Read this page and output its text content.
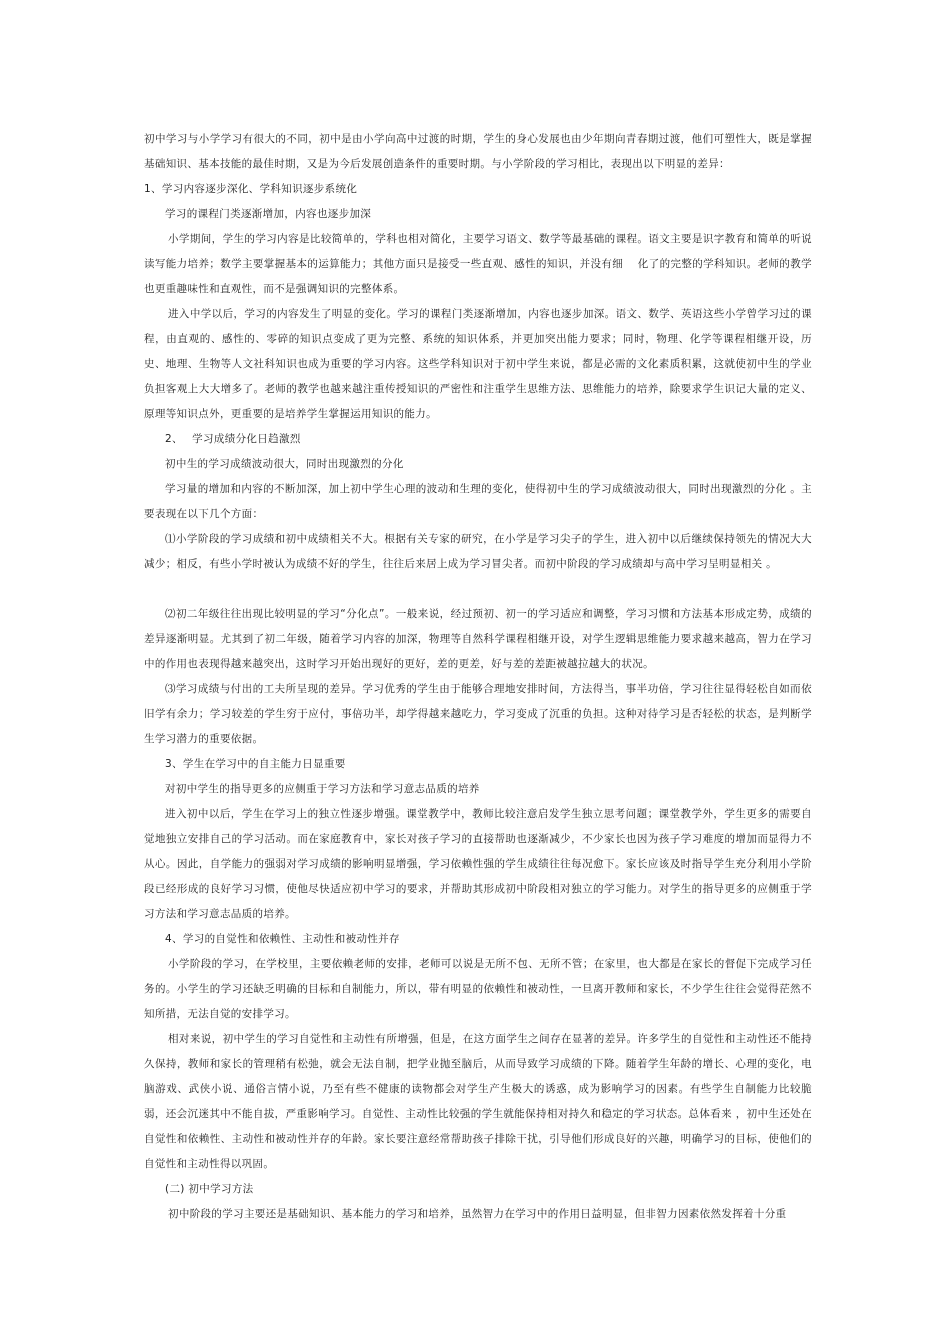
初中学习与小学学习有很大的不同，初中是由小学向高中过渡的时期，学生的身心发展也由少年期向青春期过渡，他们可塑性大，既是掌握基础知识、基本技能的最佳时期，又是为今后发展创造条件的重要时期。与小学阶段的学习相比，表现出以下明显的差异：

1、学习内容逐步深化、学科知识逐步系统化

学习的课程门类逐渐增加，内容也逐步加深

小学期间，学生的学习内容是比较简单的，学科也相对简化，主要学习语文、数学等最基础的课程。语文主要是识字教育和简单的听说读写能力培养；数学主要掌握基本的运算能力；其他方面只是接受一些直观、感性的知识，并没有细　 化了的完整的学科知识。老师的教学也更重趣味性和直观性，而不是强调知识的完整体系。

进入中学以后，学习的内容发生了明显的变化。学习的课程门类逐渐增加，内容也逐步加深。语文、数学、英语这些小学曾学习过的课程，由直观的、感性的、零碎的知识点变成了更为完整、系统的知识体系，并更加突出能力要求；同时，物理、化学等课程相继开设，历史、地理、生物等人文社科知识也成为重要的学习内容。这些学科知识对于初中学生来说，都是必需的文化素质积累，这就使初中生的学业负担客观上大大增多了。老师的教学也越来越注重传授知识的严密性和注重学生思维方法、思维能力的培养，除要求学生识记大量的定义、原理等知识点外，更重要的是培养学生掌握运用知识的能力。

2、　 学习成绩分化日趋激烈

初中生的学习成绩波动很大，同时出现激烈的分化

学习量的增加和内容的不断加深，加上初中学生心理的波动和生理的变化，使得初中生的学习成绩波动很大，同时出现激烈的分化 。主要表现在以下几个方面：

⑴小学阶段的学习成绩和初中成绩相关不大。根据有关专家的研究，在小学是学习尖子的学生，进入初中以后继续保持领先的情况大大减少；相反，有些小学时被认为成绩不好的学生，往往后来居上成为学习冒尖者。而初中阶段的学习成绩却与高中学习呈明显相关 。

⑵初二年级往往出现比较明显的学习“分化点”。一般来说，经过预初、初一的学习适应和调整，学习习惯和方法基本形成定势，成绩的差异逐渐明显。尤其到了初二年级，随着学习内容的加深，物理等自然科学课程相继开设，对学生逻辑思维能力要求越来越高，智力在学习中的作用也表现得越来越突出，这时学习开始出现好的更好，差的更差，好与差的差距被越拉越大的状况。

⑶学习成绩与付出的工夫所呈现的差异。学习优秀的学生由于能够合理地安排时间，方法得当，事半功倍，学习往往显得轻松自如而依旧学有余力；学习较差的学生穷于应付，事倍功半，却学得越来越吃力，学习变成了沉重的负担。这种对待学习是否轻松的状态，是判断学生学习潜力的重要依据。

3、学生在学习中的自主能力日显重要

对初中学生的指导更多的应侧重于学习方法和学习意志品质的培养

进入初中以后，学生在学习上的独立性逐步增强。课堂教学中，教师比较注意启发学生独立思考问题；课堂教学外，学生更多的需要自觉地独立安排自己的学习活动。而在家庭教育中，家长对孩子学习的直接帮助也逐渐减少，不少家长也因为孩子学习难度的增加而显得力不从心。因此，自学能力的强弱对学习成绩的影响明显增强，学习依赖性强的学生成绩往往每况愈下。家长应该及时指导学生充分利用小学阶段已经形成的良好学习习惯，使他尽快适应初中学习的要求，并帮助其形成初中阶段相对独立的学习能力。对学生的指导更多的应侧重于学习方法和学习意志品质的培养。

4、学习的自觉性和依赖性、主动性和被动性并存

小学阶段的学习，在学校里，主要依赖老师的安排，老师可以说是无所不包、无所不管；在家里，也大都是在家长的督促下完成学习任务的。小学生的学习还缺乏明确的目标和自制能力，所以，带有明显的依赖性和被动性，一旦离开教师和家长，不少学生往往会觉得茫然不知所措，无法自觉的安排学习。

相对来说，初中学生的学习自觉性和主动性有所增强，但是，在这方面学生之间存在显著的差异。许多学生的自觉性和主动性还不能持久保持，教师和家长的管理稍有松弛，就会无法自制，把学业抛至脑后，从而导致学习成绩的下降。随着学生年龄的增长、心理的变化，电脑游戏、武侠小说、通俗言情小说，乃至有些不健康的读物都会对学生产生极大的诱惑，成为影响学习的因素。有些学生自制能力比较脆弱，还会沉迷其中不能自拔，严重影响学习。自觉性、主动性比较强的学生就能保持相对持久和稳定的学习状态。总体看来 ，初中生还处在自觉性和依赖性、主动性和被动性并存的年龄。家长要注意经常帮助孩子排除干扰，引导他们形成良好的兴趣，明确学习的目标，使他们的自觉性和主动性得以巩固。

(二) 初中学习方法

初中阶段的学习主要还是基础知识、基本能力的学习和培养，虽然智力在学习中的作用日益明显，但非智力因素依然发挥着十分重
